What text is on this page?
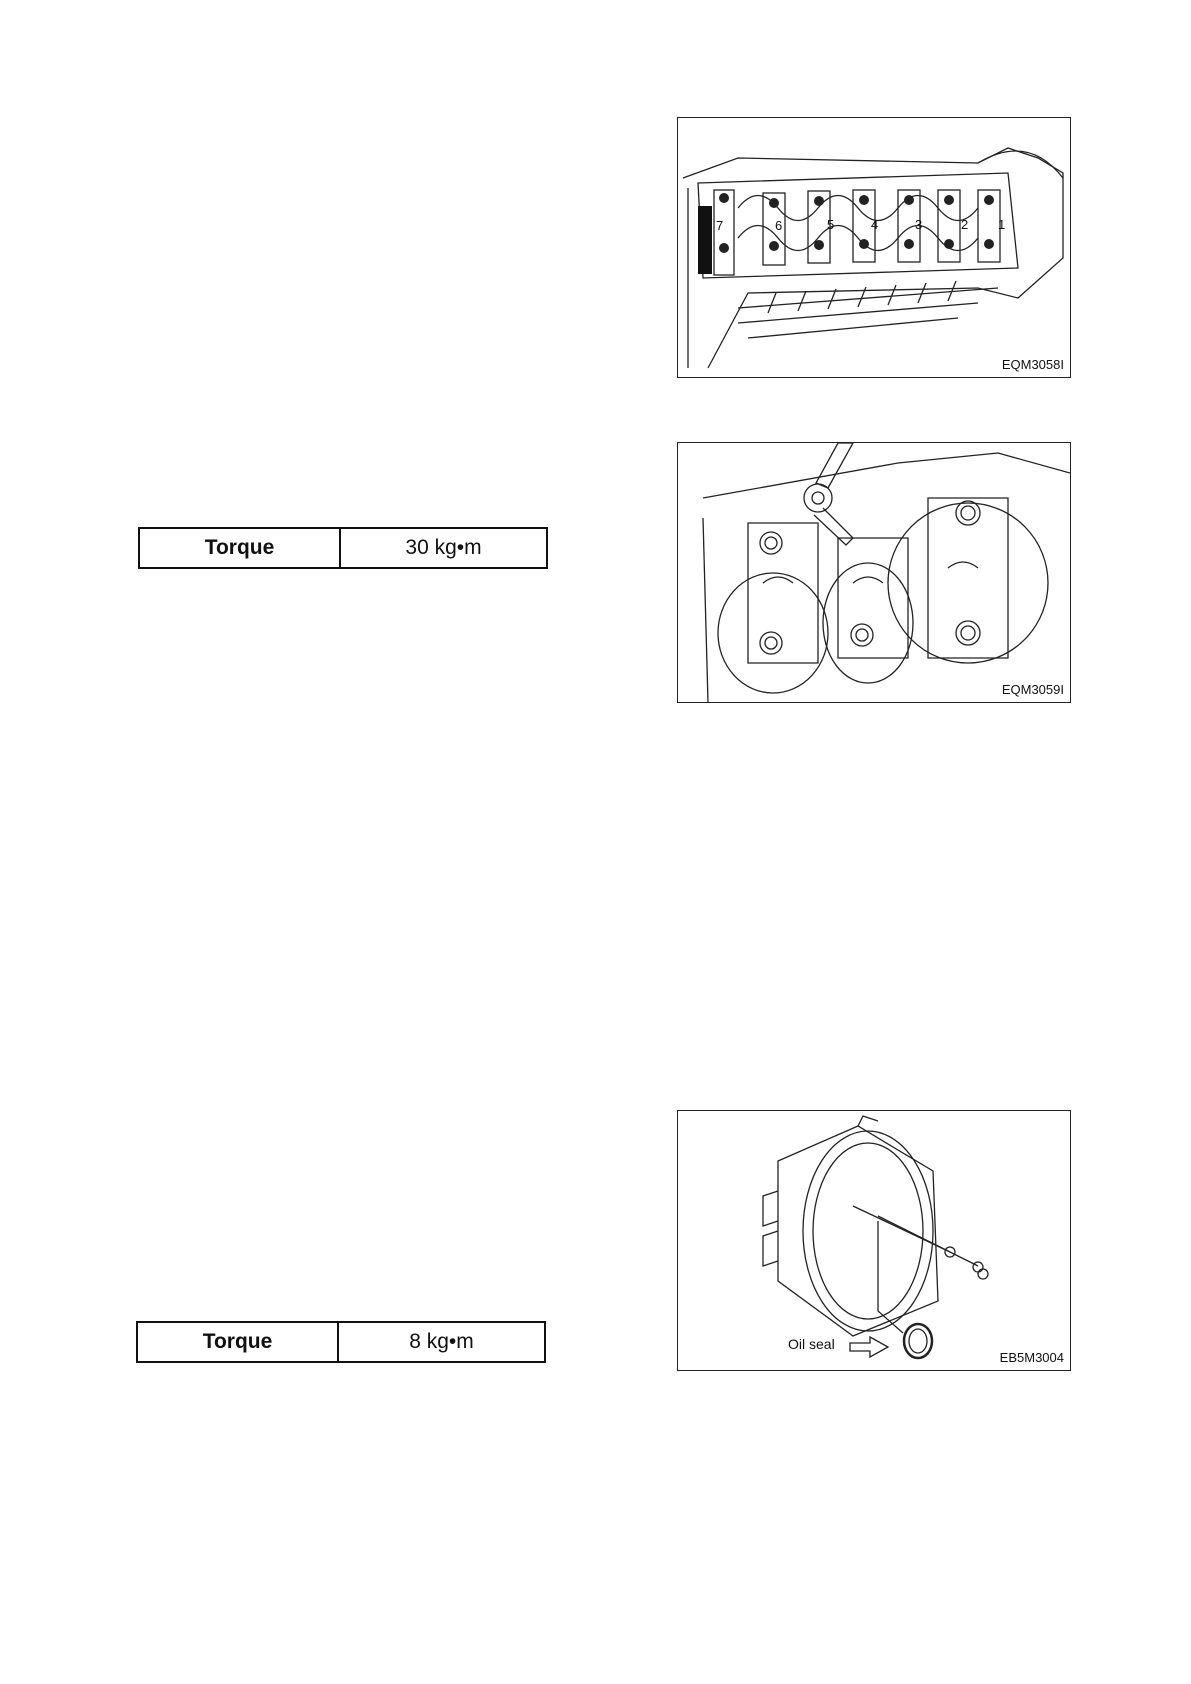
Torque	30 kg•m
Torque	8 kg•m
7	6	5	4	3	2 1
EQM3058I
EQM3059I
Oil seal
EB5M3004
